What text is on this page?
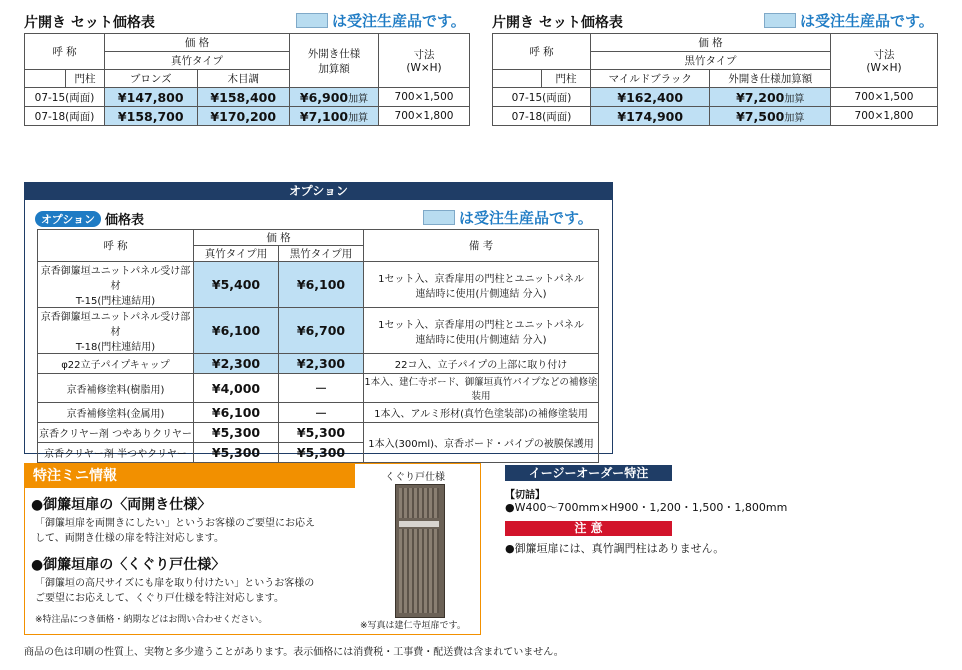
片開き セット価格表	は受注生産品です。
呼 称		価 格		外開き仕様
加算額	寸法
(W×H)
		真竹タイプ			
	門柱	ブロンズ	木目調		
07-15(両面)		¥147,800	¥158,400	¥6,900加算	700×1,500
07-18(両面)		¥158,700	¥170,200	¥7,100加算	700×1,800
片開き セット価格表	は受注生産品です。
呼 称		価 格		寸法
(W×H)
		黒竹タイプ		
	門柱	マイルドブラック	外開き仕様加算額	
07-15(両面)		¥162,400	¥7,200加算	700×1,500
07-18(両面)		¥174,900	¥7,500加算	700×1,800
オプション
オプション 価格表	は受注生産品です。
呼 称	価 格		備 考
	真竹タイプ用	黒竹タイプ用	
京香御簾垣ユニットパネル受け部材
T-15(門柱連結用)	¥5,400	¥6,100	1セット入、京香扉用の門柱とユニットパネル
連結時に使用(片側連結 分入)
京香御簾垣ユニットパネル受け部材
T-18(門柱連結用)	¥6,100	¥6,700	1セット入、京香扉用の門柱とユニットパネル
連結時に使用(片側連結 分入)
φ22立子パイプキャップ	¥2,300	¥2,300	22コ入、立子パイプの上部に取り付け
京香補修塗料(樹脂用)	¥4,000	－	1本入、建仁寺ボード、御簾垣真竹パイプなどの補修塗装用
京香補修塗料(金属用)	¥6,100	－	1本入、アルミ形材(真竹色塗装部)の補修塗装用
京香クリヤー剤 つやありクリヤー	¥5,300	¥5,300	1本入(300ml)、京香ボード・パイプの被膜保護用
京香クリヤー剤 半つやクリヤー	¥5,300	¥5,300	
特注ミニ情報
●御簾垣扉の〈両開き仕様〉
「御簾垣扉を両開きにしたい」というお客様のご要望にお応え
して、両開き仕様の扉を特注対応します。
●御簾垣扉の〈くぐり戸仕様〉
「御簾垣の高尺サイズにも扉を取り付けたい」というお客様の
ご要望にお応えして、くぐり戸仕様を特注対応します。
※特注品につき価格・納期などはお問い合わせください。
くぐり戸仕様
※写真は建仁寺垣扉です。
イージーオーダー特注
【切詰】
●W400～700mm×H900・1,200・1,500・1,800mm
注 意
●御簾垣扉には、真竹調門柱はありません。
商品の色は印刷の性質上、実物と多少違うことがあります。表示価格には消費税・工事費・配送費は含まれていません。
